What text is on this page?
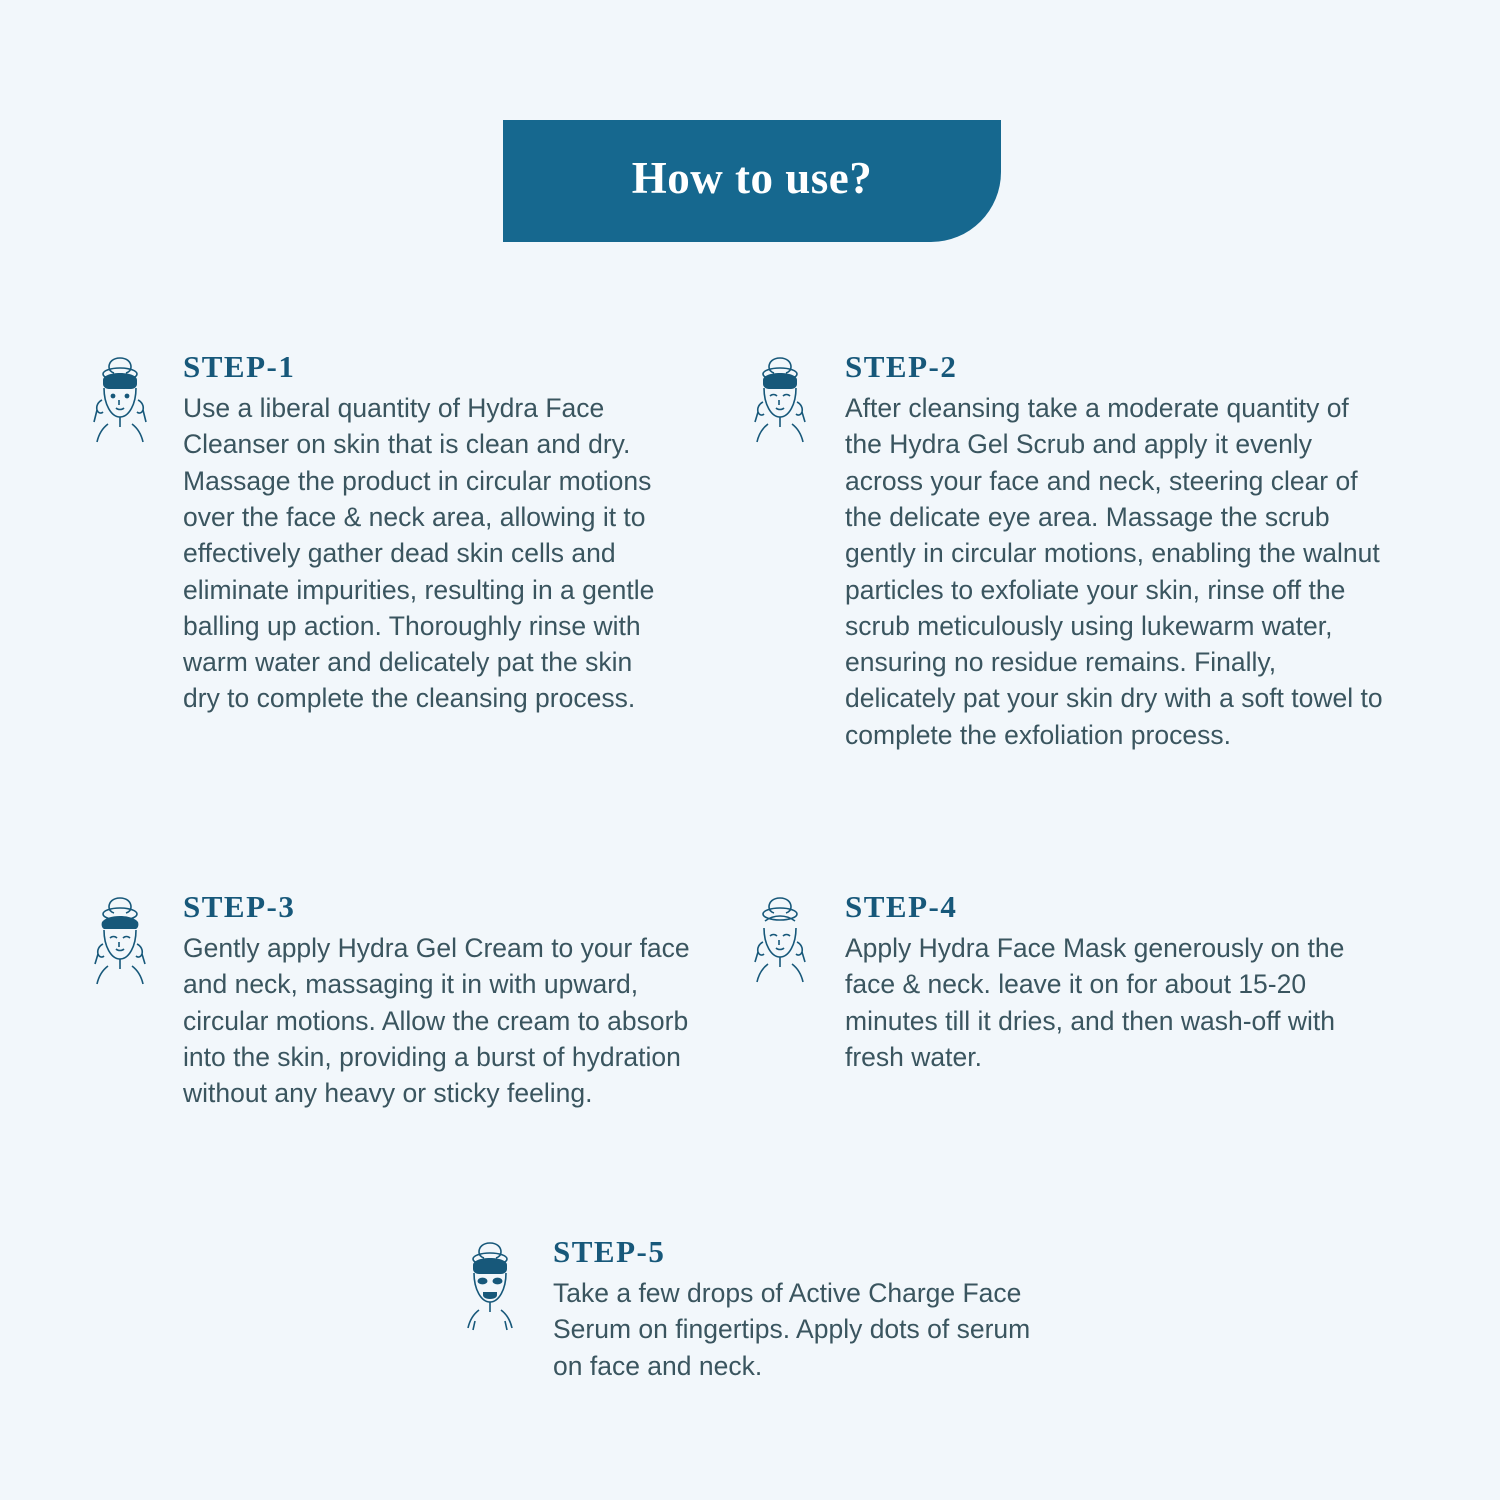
How to use?
STEP-1

Use a liberal quantity of Hydra Face Cleanser on skin that is clean and dry. Massage the product in circular motions over the face & neck area, allowing it to effectively gather dead skin cells and eliminate impurities, resulting in a gentle balling up action. Thoroughly rinse with warm water and delicately pat the skin dry to complete the cleansing process.

STEP-2

After cleansing take a moderate quantity of the Hydra Gel Scrub and apply it evenly across your face and neck, steering clear of the delicate eye area. Massage the scrub gently in circular motions, enabling the walnut particles to exfoliate your skin, rinse off the scrub meticulously using lukewarm water, ensuring no residue remains. Finally, delicately pat your skin dry with a soft towel to complete the exfoliation process.

STEP-3

Gently apply Hydra Gel Cream to your face and neck, massaging it in with upward, circular motions. Allow the cream to absorb into the skin, providing a burst of hydration without any heavy or sticky feeling.

STEP-4

Apply Hydra Face Mask generously on the face & neck. leave it on for about 15-20 minutes till it dries, and then wash-off with fresh water.

STEP-5

Take a few drops of Active Charge Face Serum on fingertips. Apply dots of serum on face and neck.
